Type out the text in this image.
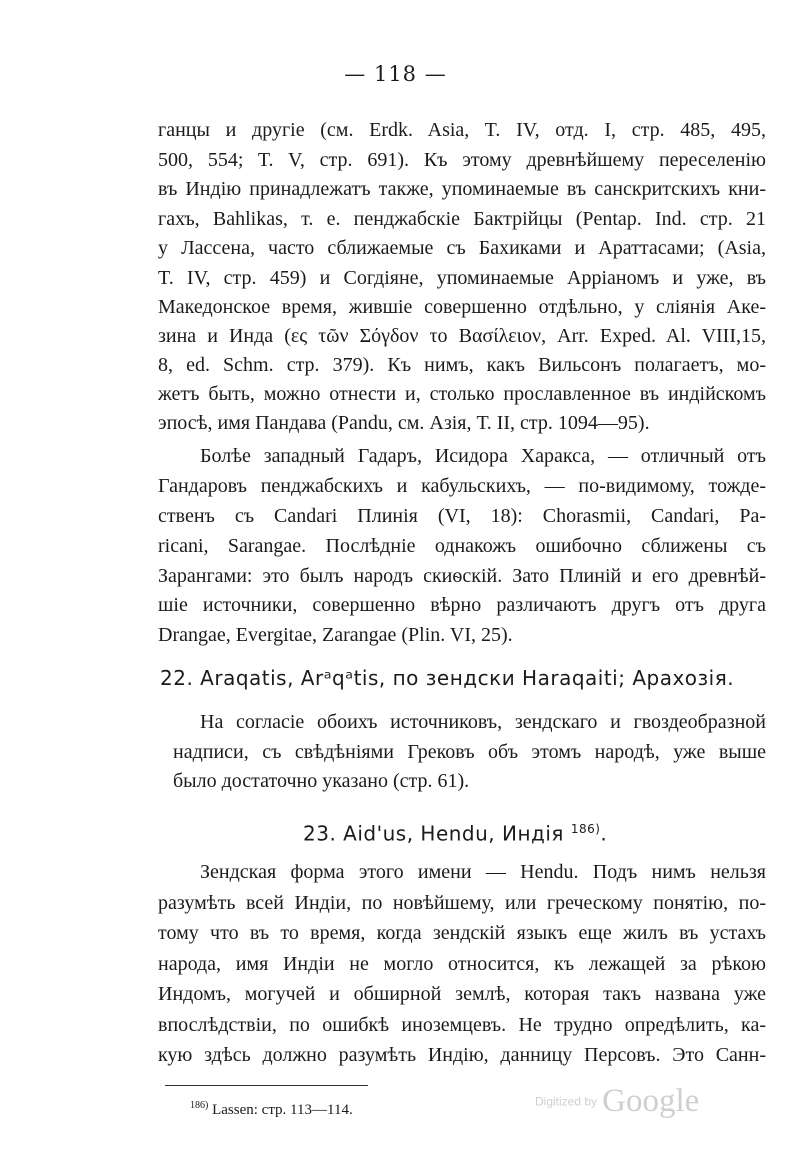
— 118 —
ганцы и другіе (см. Erdk. Asia, T. IV, отд. I, стр. 485, 495,
500, 554; T. V, стр. 691). Къ этому древнѣйшему переселенію
въ Индію принадлежатъ также, упоминаемые въ санскритскихъ кни-
гахъ, Bahlikas, т. е. пенджабскіе Бактрійцы (Pentap. Ind. стр. 21
у Лассена, часто сближаемые съ Бахиками и Араттасами; (Asia,
T. IV, стр. 459) и Согдіяне, упоминаемые Арріаномъ и уже, въ
Македонское время, жившіе совершенно отдѣльно, у сліянія Аке-
зина и Инда (ες τῶν Σόγδον το Βασίλειον, Arr. Exped. Al. VIII,15,
8, ed. Schm. стр. 379). Къ нимъ, какъ Вильсонъ полагаетъ, мо-
жетъ быть, можно отнести и, столько прославленное въ индійскомъ
эпосѣ, имя Пандава (Pandu, см. Азія, Т. II, стр. 1094—95).
Болѣе западный Гадаръ, Исидора Харакса, — отличный отъ
Гандаровъ пенджабскихъ и кабульскихъ, — по-видимому, тожде-
ственъ съ Candari Плинія (VI, 18): Chorasmii, Candari, Pa-
ricani, Sarangae. Послѣдніе однакожъ ошибочно сближены съ
Зарангами: это былъ народъ скиѳскій. Зато Плиній и его древнѣй-
шіе источники, совершенно вѣрно различаютъ другъ отъ друга
Drangae, Evergitae, Zarangae (Plin. VI, 25).
22. Araqatis, Arᵃqᵃtis, по зендски Haraqaiti; Арахозія.
На согласіе обоихъ источниковъ, зендскаго и гвоздеобразной
надписи, съ свѣдѣніями Грековъ объ этомъ народѣ, уже выше
было достаточно указано (стр. 61).
23. Aid'us, Hendu, Индія $^{186)}$.
Зендская форма этого имени — Hendu. Подъ нимъ нельзя
разумѣть всей Индіи, по новѣйшему, или греческому понятію, по-
тому что въ то время, когда зендскій языкъ еще жилъ въ устахъ
народа, имя Индіи не могло относится, къ лежащей за рѣкою
Индомъ, могучей и обширной землѣ, которая такъ названа уже
впослѣдствіи, по ошибкѣ иноземцевъ. Не трудно опредѣлить, ка-
кую здѣсь должно разумѣть Индію, данницу Персовъ. Это Санн-
$^{186)}$ Lassen: стр. 113—114.
Digitized by Google
